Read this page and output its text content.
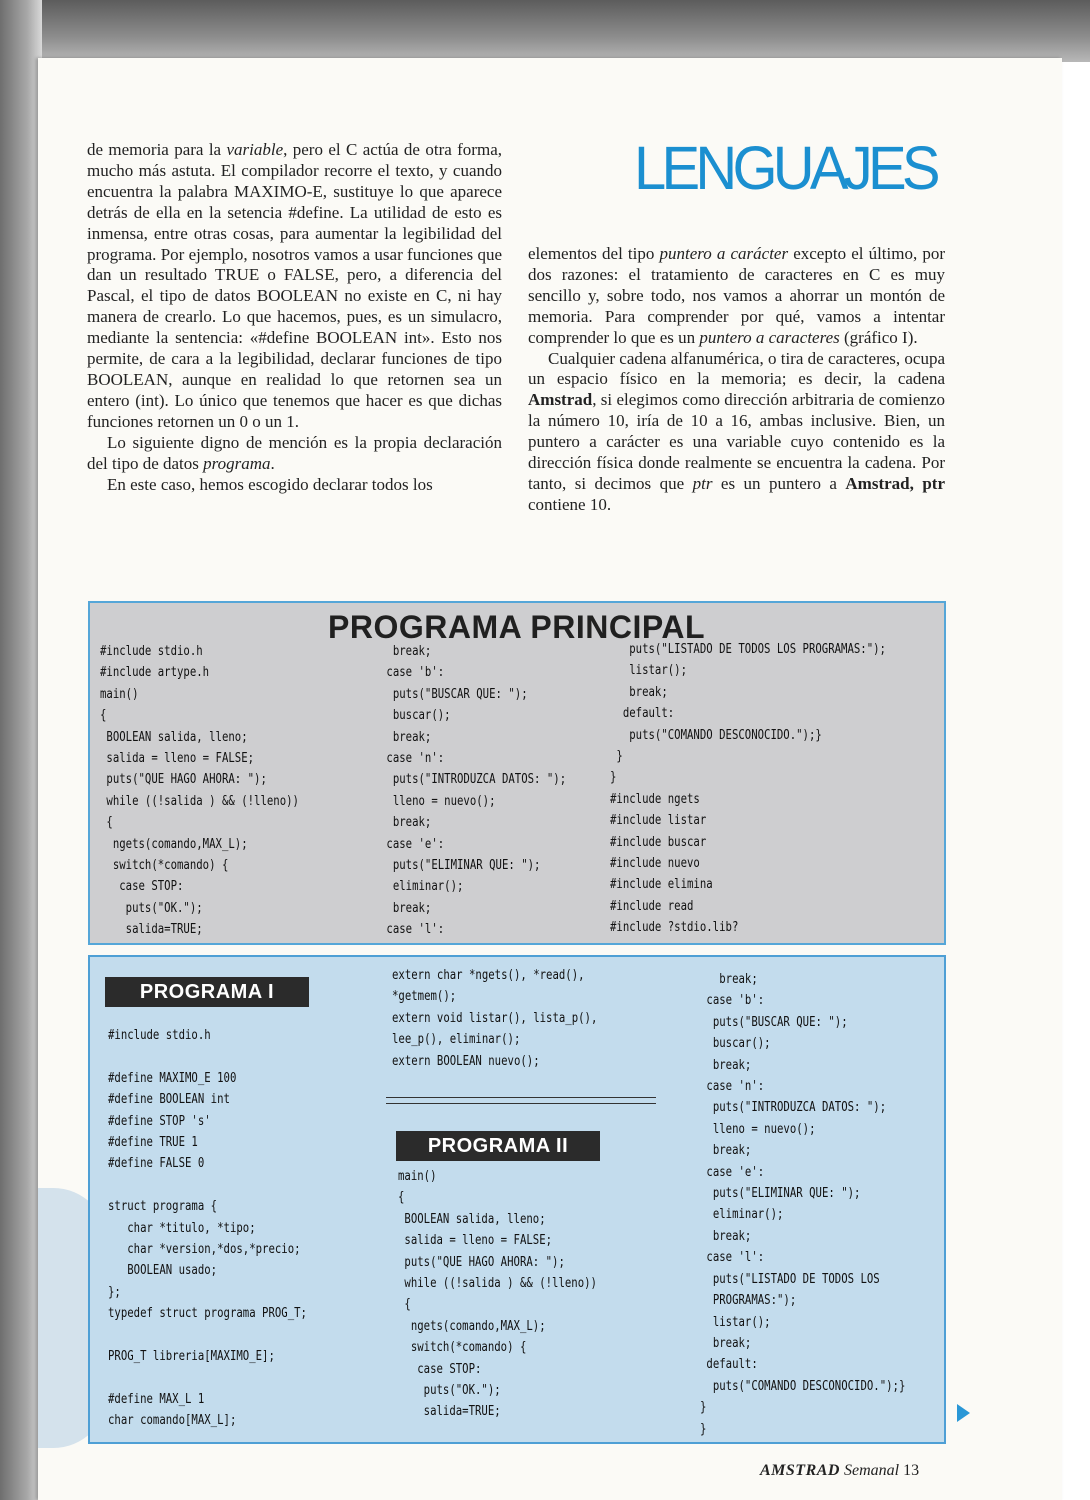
LENGUAJES

de memoria para la variable, pero el C actúa de otra forma, mucho más astuta. El compilador recorre el texto, y cuando encuentra la palabra MAXIMO-E, sustituye lo que aparece detrás de ella en la setencia #define. La utilidad de esto es inmensa, entre otras cosas, para aumentar la legibilidad del programa. Por ejemplo, nosotros vamos a usar funciones que dan un resultado TRUE o FALSE, pero, a diferencia del Pascal, el tipo de datos BOOLEAN no existe en C, ni hay manera de crearlo. Lo que hacemos, pues, es un simulacro, mediante la sentencia: «#define BOOLEAN int». Esto nos permite, de cara a la legibilidad, declarar funciones de tipo BOOLEAN, aunque en realidad lo que retornen sea un entero (int). Lo único que tenemos que hacer es que dichas funciones retornen un 0 o un 1.

Lo siguiente digno de mención es la propia declaración del tipo de datos programa.

En este caso, hemos escogido declarar todos los

elementos del tipo puntero a carácter excepto el último, por dos razones: el tratamiento de caracteres en C es muy sencillo y, sobre todo, nos vamos a ahorrar un montón de memoria. Para comprender por qué, vamos a intentar comprender lo que es un puntero a caracteres (gráfico I).

Cualquier cadena alfanumérica, o tira de caracteres, ocupa un espacio físico en la memoria; es decir, la cadena Amstrad, si elegimos como dirección arbitraria de comienzo la número 10, iría de 10 a 16, ambas inclusive. Bien, un puntero a carácter es una variable cuyo contenido es la dirección física donde realmente se encuentra la cadena. Por tanto, si decimos que ptr es un puntero a Amstrad, ptr contiene 10.

PROGRAMA PRINCIPAL
#include stdio.h
#include artype.h
main()
{
BOOLEAN salida, lleno;
salida = lleno = FALSE;
puts("QUE HAGO AHORA: ");
while ((!salida ) && (!lleno))
{
ngets(comando,MAX_L);
switch(*comando) {
case STOP:
puts("OK.");
salida=TRUE;
break;
case 'b':
puts("BUSCAR QUE: ");
buscar();
break;
case 'n':
puts("INTRODUZCA DATOS: ");
lleno = nuevo();
break;
case 'e':
puts("ELIMINAR QUE: ");
eliminar();
break;
case 'l':
puts("LISTADO DE TODOS LOS PROGRAMAS:");
listar();
break;
default:
puts("COMANDO DESCONOCIDO.");}
}
}
#include ngets
#include listar
#include buscar
#include nuevo
#include elimina
#include read
#include ?stdio.lib?
PROGRAMA I
#include stdio.h

#define MAXIMO_E 100
#define BOOLEAN int
#define STOP 's'
#define TRUE 1
#define FALSE 0

struct programa {
char *titulo, *tipo;
char *version,*dos,*precio;
BOOLEAN usado;
};
typedef struct programa PROG_T;

PROG_T libreria[MAXIMO_E];

#define MAX_L 1
char comando[MAX_L];
extern char *ngets(), *read(),
*getmem();
extern void listar(), lista_p(),
lee_p(), eliminar();
extern BOOLEAN nuevo();
PROGRAMA II
main()
{
BOOLEAN salida, lleno;
salida = lleno = FALSE;
puts("QUE HAGO AHORA: ");
while ((!salida ) && (!lleno))
{
ngets(comando,MAX_L);
switch(*comando) {
case STOP:
puts("OK.");
salida=TRUE;
break;
case 'b':
puts("BUSCAR QUE: ");
buscar();
break;
case 'n':
puts("INTRODUZCA DATOS: ");
lleno = nuevo();
break;
case 'e':
puts("ELIMINAR QUE: ");
eliminar();
break;
case 'l':
puts("LISTADO DE TODOS LOS
PROGRAMAS:");
listar();
break;
default:
puts("COMANDO DESCONOCIDO.");}
}
}
AMSTRAD Semanal 13
